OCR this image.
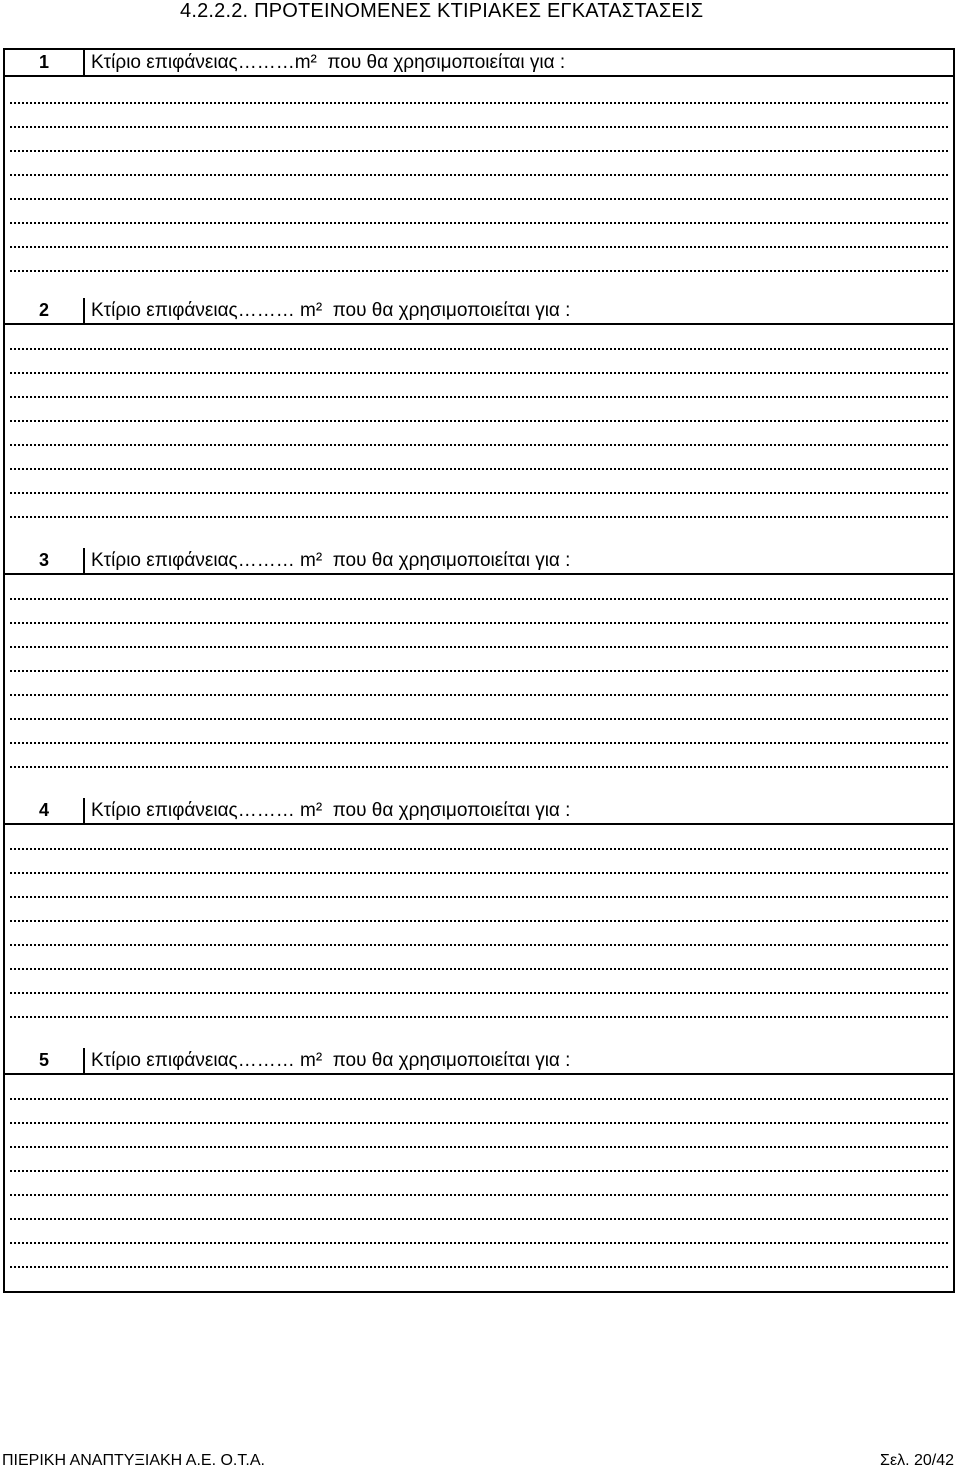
4.2.2.2. ΠΡΟΤΕΙΝΟΜΕΝΕΣ ΚΤΙΡΙΑΚΕΣ ΕΓΚΑΤΑΣΤΑΣΕΙΣ
1	Κτίριο επιφάνειας………m²  που θα χρησιμοποιείται για :
2	Κτίριο επιφάνειας……… m²  που θα χρησιμοποιείται για :
3	Κτίριο επιφάνειας……… m²  που θα χρησιμοποιείται για :
4	Κτίριο επιφάνειας……… m²  που θα χρησιμοποιείται για :
5	Κτίριο επιφάνειας……… m²  που θα χρησιμοποιείται για :
ΠΙΕΡΙΚΗ ΑΝΑΠΤΥΞΙΑΚΗ Α.Ε. Ο.Τ.Α.	Σελ. 20/42
